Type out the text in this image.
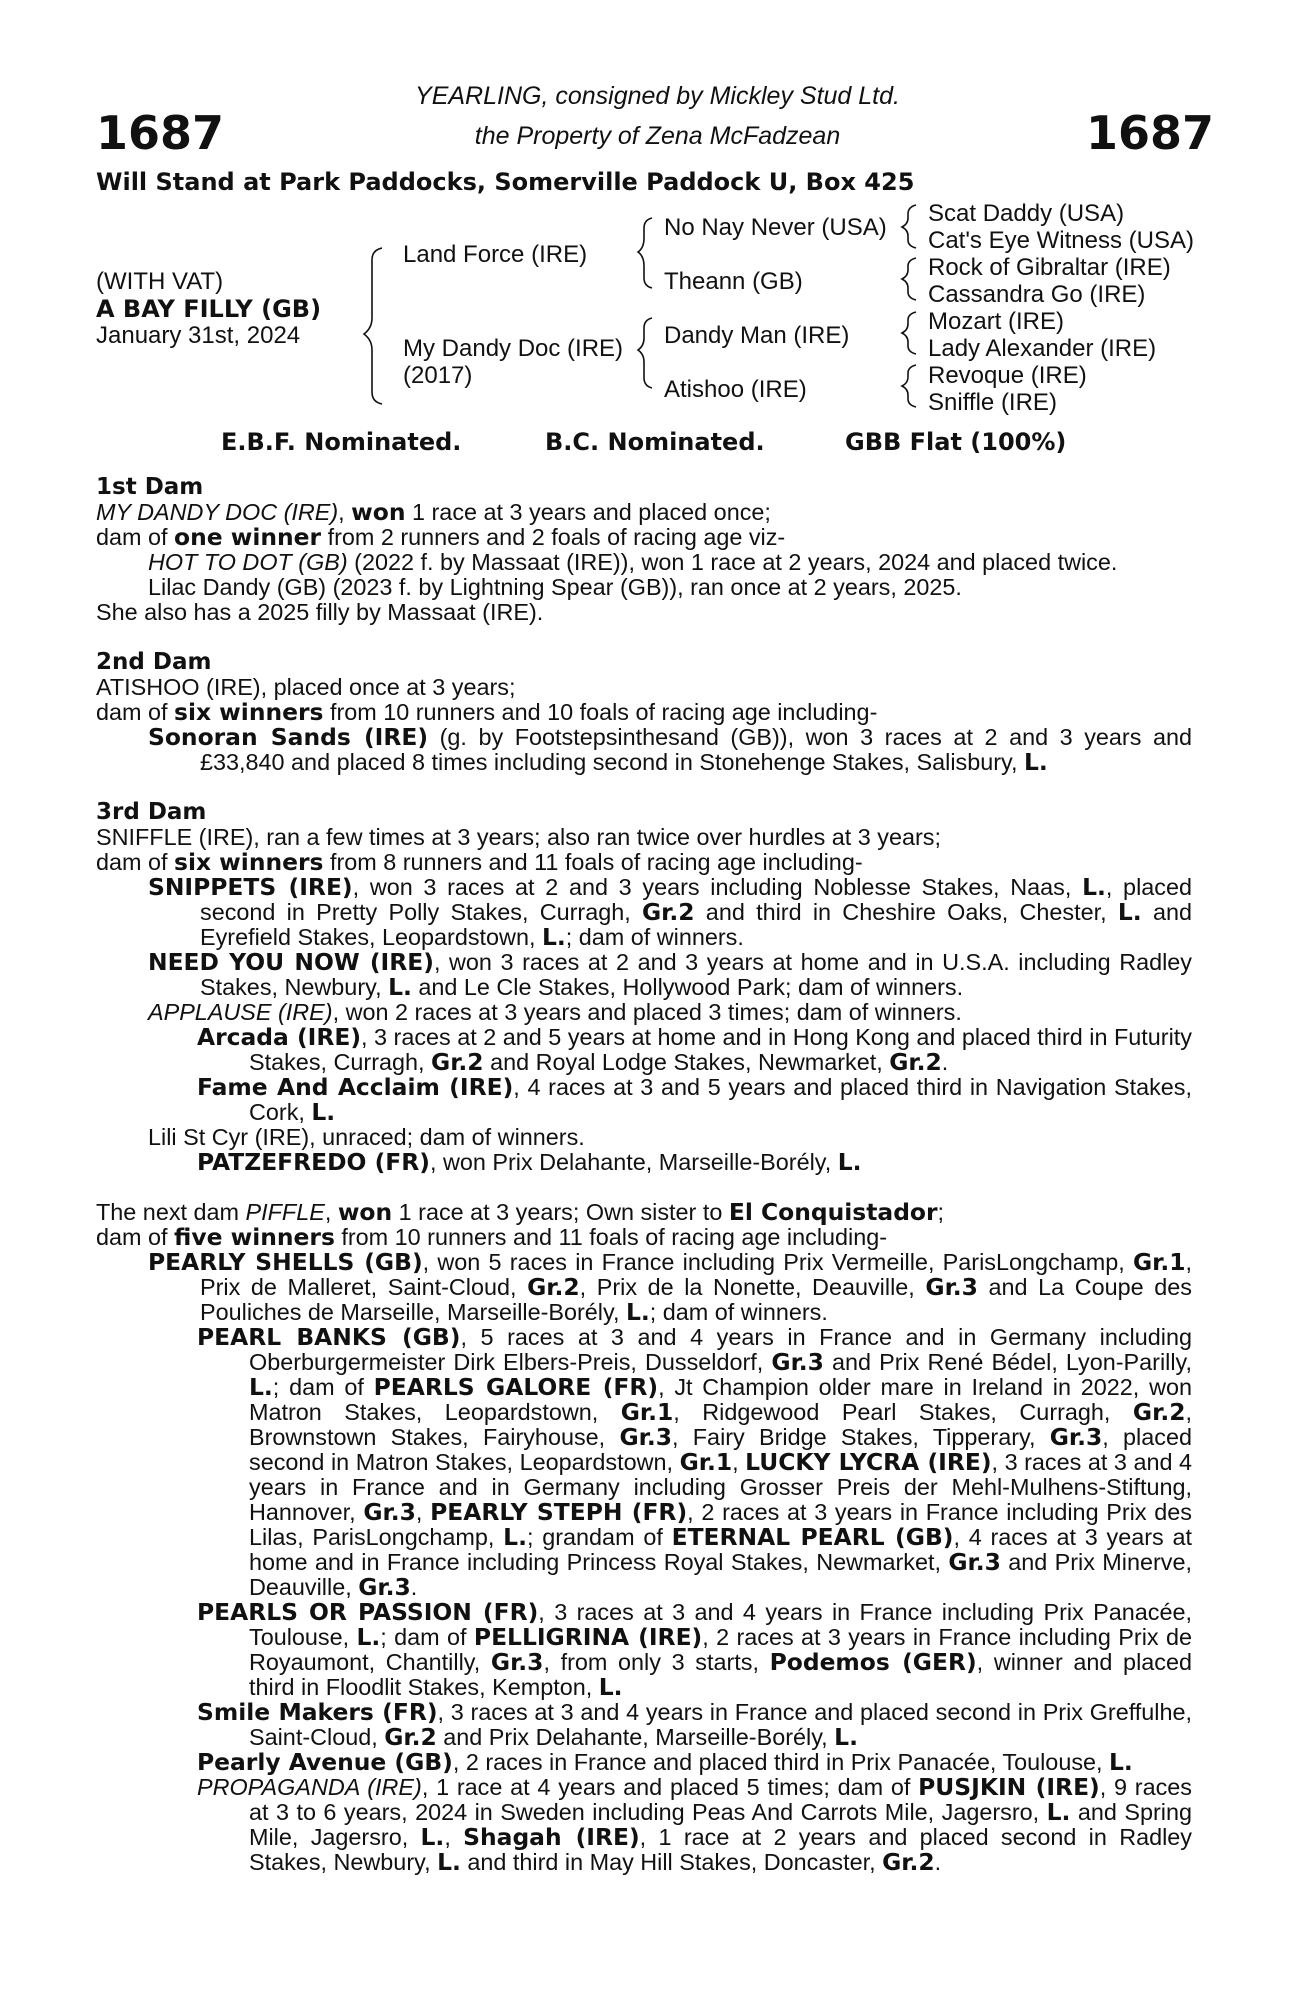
1687	1687
YEARLING, consigned by Mickley Stud Ltd.
the Property of Zena McFadzean
Will Stand at Park Paddocks, Somerville Paddock U, Box 425
(WITH VAT)
A BAY FILLY (GB)
January 31st, 2024
Land Force (IRE)
My Dandy Doc (IRE)
(2017)
No Nay Never (USA)
Theann (GB)
Dandy Man (IRE)
Atishoo (IRE)
Scat Daddy (USA)
Cat's Eye Witness (USA)
Rock of Gibraltar (IRE)
Cassandra Go (IRE)
Mozart (IRE)
Lady Alexander (IRE)
Revoque (IRE)
Sniffle (IRE)
E.B.F. Nominated.	B.C. Nominated.	GBB Flat (100%)
1st Dam
MY DANDY DOC (IRE), won 1 race at 3 years and placed once;
dam of one winner from 2 runners and 2 foals of racing age viz-
HOT TO DOT (GB) (2022 f. by Massaat (IRE)), won 1 race at 2 years, 2024 and placed twice.
Lilac Dandy (GB) (2023 f. by Lightning Spear (GB)), ran once at 2 years, 2025.
She also has a 2025 filly by Massaat (IRE).
2nd Dam
ATISHOO (IRE), placed once at 3 years;
dam of six winners from 10 runners and 10 foals of racing age including-
Sonoran Sands (IRE) (g. by Footstepsinthesand (GB)), won 3 races at 2 and 3 years and £33,840 and placed 8 times including second in Stonehenge Stakes, Salisbury, L.
3rd Dam
SNIFFLE (IRE), ran a few times at 3 years; also ran twice over hurdles at 3 years;
dam of six winners from 8 runners and 11 foals of racing age including-
SNIPPETS (IRE), won 3 races at 2 and 3 years including Noblesse Stakes, Naas, L., placed second in Pretty Polly Stakes, Curragh, Gr.2 and third in Cheshire Oaks, Chester, L. and Eyrefield Stakes, Leopardstown, L.; dam of winners.
NEED YOU NOW (IRE), won 3 races at 2 and 3 years at home and in U.S.A. including Radley Stakes, Newbury, L. and Le Cle Stakes, Hollywood Park; dam of winners.
APPLAUSE (IRE), won 2 races at 3 years and placed 3 times; dam of winners.
Arcada (IRE), 3 races at 2 and 5 years at home and in Hong Kong and placed third in Futurity Stakes, Curragh, Gr.2 and Royal Lodge Stakes, Newmarket, Gr.2.
Fame And Acclaim (IRE), 4 races at 3 and 5 years and placed third in Navigation Stakes, Cork, L.
Lili St Cyr (IRE), unraced; dam of winners.
PATZEFREDO (FR), won Prix Delahante, Marseille-Borély, L.
The next dam PIFFLE, won 1 race at 3 years; Own sister to El Conquistador;
dam of five winners from 10 runners and 11 foals of racing age including-
PEARLY SHELLS (GB), won 5 races in France including Prix Vermeille, ParisLongchamp, Gr.1, Prix de Malleret, Saint-Cloud, Gr.2, Prix de la Nonette, Deauville, Gr.3 and La Coupe des Pouliches de Marseille, Marseille-Borély, L.; dam of winners.
PEARL BANKS (GB), 5 races at 3 and 4 years in France and in Germany including Oberburgermeister Dirk Elbers-Preis, Dusseldorf, Gr.3 and Prix René Bédel, Lyon-Parilly, L.; dam of PEARLS GALORE (FR), Jt Champion older mare in Ireland in 2022, won Matron Stakes, Leopardstown, Gr.1, Ridgewood Pearl Stakes, Curragh, Gr.2, Brownstown Stakes, Fairyhouse, Gr.3, Fairy Bridge Stakes, Tipperary, Gr.3, placed second in Matron Stakes, Leopardstown, Gr.1, LUCKY LYCRA (IRE), 3 races at 3 and 4 years in France and in Germany including Grosser Preis der Mehl-Mulhens-Stiftung, Hannover, Gr.3, PEARLY STEPH (FR), 2 races at 3 years in France including Prix des Lilas, ParisLongchamp, L.; grandam of ETERNAL PEARL (GB), 4 races at 3 years at home and in France including Princess Royal Stakes, Newmarket, Gr.3 and Prix Minerve, Deauville, Gr.3.
PEARLS OR PASSION (FR), 3 races at 3 and 4 years in France including Prix Panacée, Toulouse, L.; dam of PELLIGRINA (IRE), 2 races at 3 years in France including Prix de Royaumont, Chantilly, Gr.3, from only 3 starts, Podemos (GER), winner and placed third in Floodlit Stakes, Kempton, L.
Smile Makers (FR), 3 races at 3 and 4 years in France and placed second in Prix Greffulhe, Saint-Cloud, Gr.2 and Prix Delahante, Marseille-Borély, L.
Pearly Avenue (GB), 2 races in France and placed third in Prix Panacée, Toulouse, L.
PROPAGANDA (IRE), 1 race at 4 years and placed 5 times; dam of PUSJKIN (IRE), 9 races at 3 to 6 years, 2024 in Sweden including Peas And Carrots Mile, Jagersro, L. and Spring Mile, Jagersro, L., Shagah (IRE), 1 race at 2 years and placed second in Radley Stakes, Newbury, L. and third in May Hill Stakes, Doncaster, Gr.2.
